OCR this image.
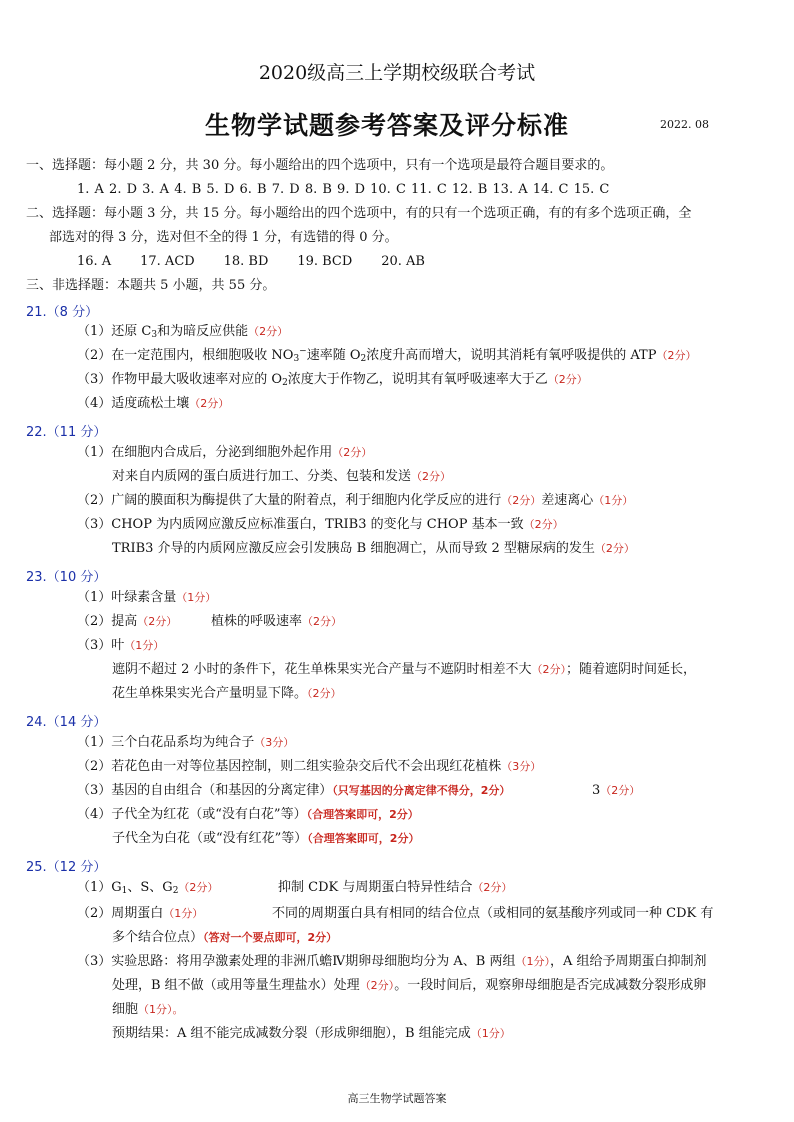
2020级高三上学期校级联合考试
生物学试题参考答案及评分标准	2022. 08
一、选择题：每小题 2 分，共 30 分。每小题给出的四个选项中，只有一个选项是最符合题目要求的。
1. A 2. D 3. A 4. B 5. D 6. B 7. D 8. B 9. D 10. C 11. C 12. B 13. A 14. C 15. C
二、选择题：每小题 3 分，共 15 分。每小题给出的四个选项中，有的只有一个选项正确，有的有多个选项正确，全
部选对的得 3 分，选对但不全的得 1 分，有选错的得 0 分。
16. A       17. ACD       18. BD       19. BCD       20. AB
三、非选择题：本题共 5 小题，共 55 分。
21.（8 分）
（1）还原 $C_3$和为暗反应供能（2分）
（2）在一定范围内，根细胞吸收 $NO_3^-$速率随 $O_2$浓度升高而增大，说明其消耗有氧呼吸提供的 ATP（2分）
（3）作物甲最大吸收速率对应的 $O_2$浓度大于作物乙，说明其有氧呼吸速率大于乙（2分）
（4）适度疏松土壤（2分）
22.（11 分）
（1）在细胞内合成后，分泌到细胞外起作用（2分）
对来自内质网的蛋白质进行加工、分类、包装和发送（2分）
（2）广阔的膜面积为酶提供了大量的附着点，利于细胞内化学反应的进行（2分）差速离心（1分）
（3）CHOP 为内质网应激反应标准蛋白，TRIB3 的变化与 CHOP 基本一致（2分）
TRIB3 介导的内质网应激反应会引发胰岛 B 细胞凋亡，从而导致 2 型糖尿病的发生（2分）
23.（10 分）
（1）叶绿素含量（1分）
（2）提高（2分）	植株的呼吸速率（2分）
（3）叶（1分）
遮阴不超过 2 小时的条件下，花生单株果实光合产量与不遮阴时相差不大（2分）；随着遮阴时间延长，
花生单株果实光合产量明显下降。（2分）
24.（14 分）
（1）三个白花品系均为纯合子（3分）
（2）若花色由一对等位基因控制，则二组实验杂交后代不会出现红花植株（3分）
（3）基因的自由组合（和基因的分离定律）（只写基因的分离定律不得分，2分）	3（2分）
（4）子代全为红花（或“没有白花”等）（合理答案即可，2分）
子代全为白花（或“没有红花”等）（合理答案即可，2分）
25.（12 分）
$(1)G_1$、S、$G_2(2$分）	抑制 CDK 与周期蛋白特异性结合（2分）
（2）周期蛋白（1分）	不同的周期蛋白具有相同的结合位点（或相同的氨基酸序列或同一种 CDK 有
多个结合位点）（答对一个要点即可，2分）
（3）实验思路：将用孕激素处理的非洲爪蟾Ⅳ期卵母细胞均分为 A、B 两组（1分），A 组给予周期蛋白抑制剂
处理，B 组不做（或用等量生理盐水）处理（2分）。一段时间后，观察卵母细胞是否完成减数分裂形成卵
细胞（1分）。
预期结果：A 组不能完成减数分裂（形成卵细胞），B 组能完成（1分）
高三生物学试题答案
